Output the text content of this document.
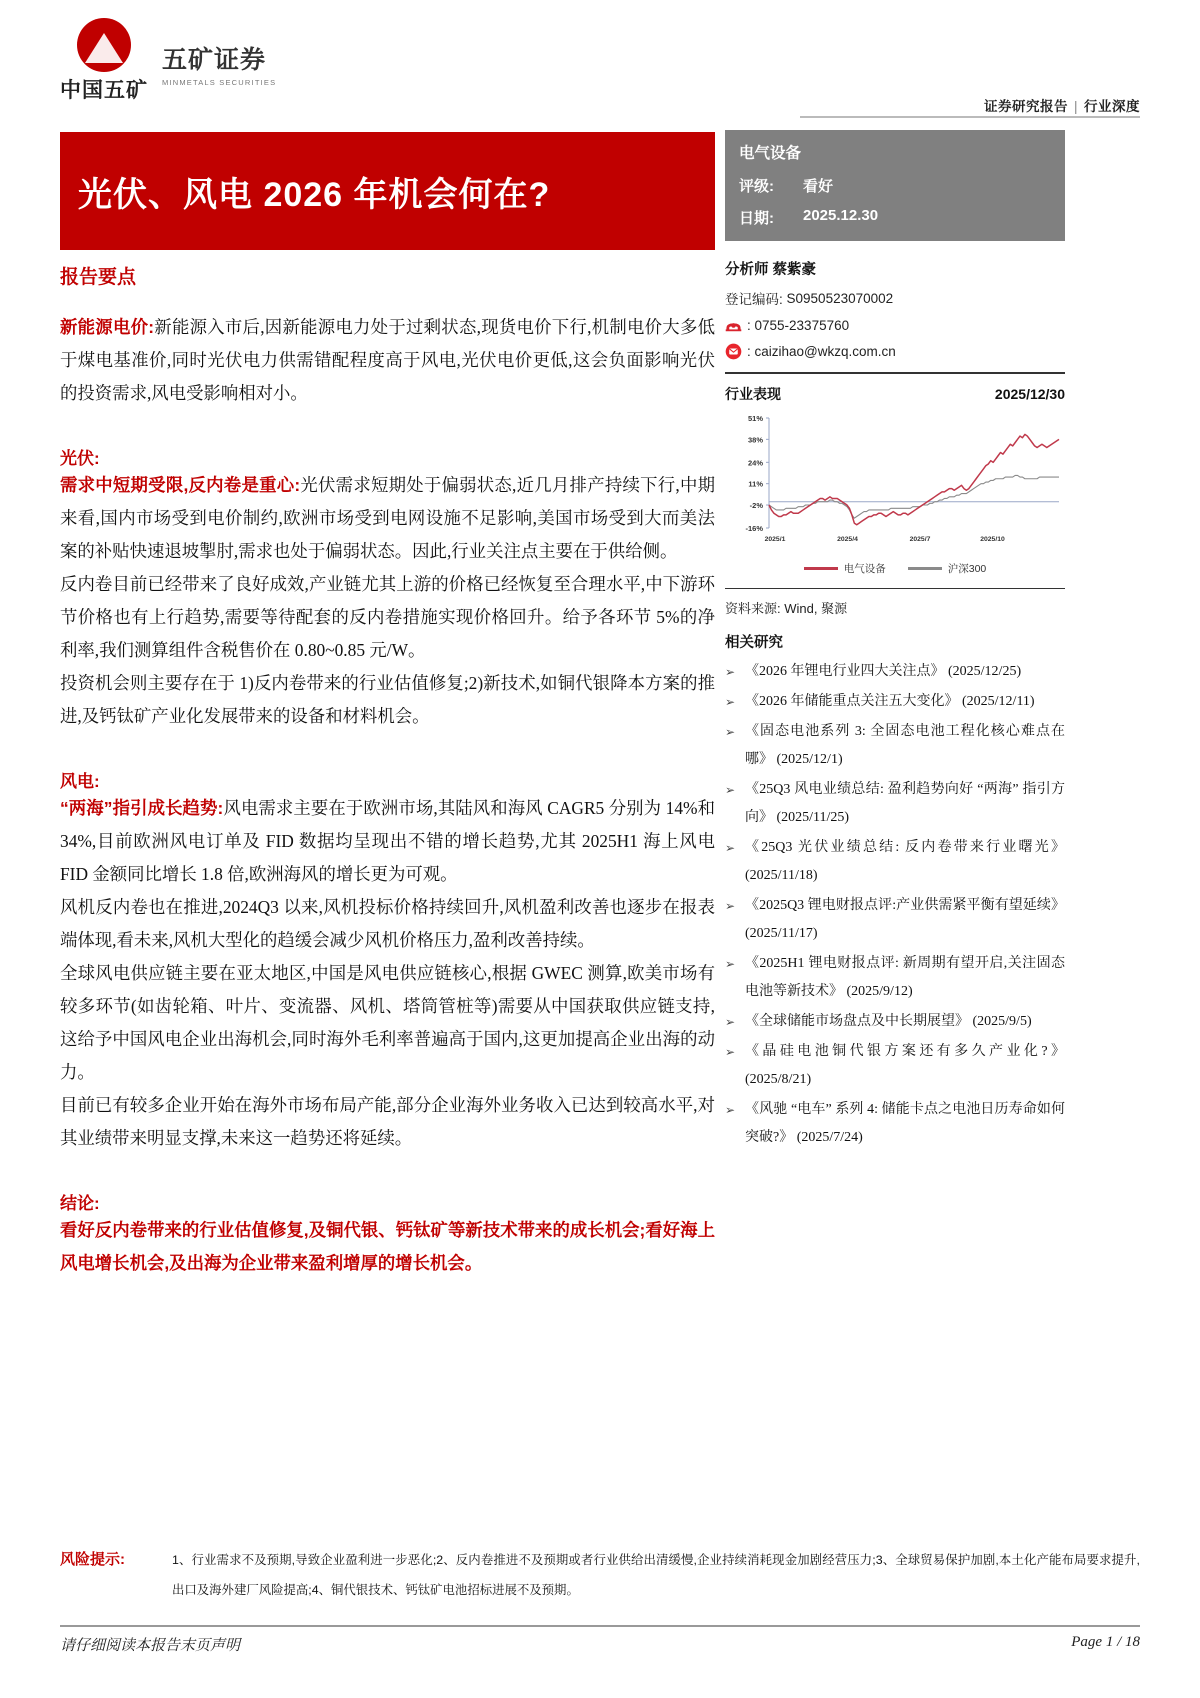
中国五矿
五矿证券
MINMETALS SECURITIES
证券研究报告 | 行业深度
光伏、风电 2026 年机会何在?
报告要点

新能源电价:新能源入市后,因新能源电力处于过剩状态,现货电价下行,机制电价大多低于煤电基准价,同时光伏电力供需错配程度高于风电,光伏电价更低,这会负面影响光伏的投资需求,风电受影响相对小。

光伏:

需求中短期受限,反内卷是重心:光伏需求短期处于偏弱状态,近几月排产持续下行,中期来看,国内市场受到电价制约,欧洲市场受到电网设施不足影响,美国市场受到大而美法案的补贴快速退坡掣肘,需求也处于偏弱状态。因此,行业关注点主要在于供给侧。

反内卷目前已经带来了良好成效,产业链尤其上游的价格已经恢复至合理水平,中下游环节价格也有上行趋势,需要等待配套的反内卷措施实现价格回升。给予各环节 5%的净利率,我们测算组件含税售价在 0.80~0.85 元/W。

投资机会则主要存在于 1)反内卷带来的行业估值修复;2)新技术,如铜代银降本方案的推进,及钙钛矿产业化发展带来的设备和材料机会。

风电:

“两海”指引成长趋势:风电需求主要在于欧洲市场,其陆风和海风 CAGR5 分别为 14%和 34%,目前欧洲风电订单及 FID 数据均呈现出不错的增长趋势,尤其 2025H1 海上风电 FID 金额同比增长 1.8 倍,欧洲海风的增长更为可观。

风机反内卷也在推进,2024Q3 以来,风机投标价格持续回升,风机盈利改善也逐步在报表端体现,看未来,风机大型化的趋缓会减少风机价格压力,盈利改善持续。

全球风电供应链主要在亚太地区,中国是风电供应链核心,根据 GWEC 测算,欧美市场有较多环节(如齿轮箱、叶片、变流器、风机、塔筒管桩等)需要从中国获取供应链支持,这给予中国风电企业出海机会,同时海外毛利率普遍高于国内,这更加提高企业出海的动力。

目前已有较多企业开始在海外市场布局产能,部分企业海外业务收入已达到较高水平,对其业绩带来明显支撑,未来这一趋势还将延续。

结论:

看好反内卷带来的行业估值修复,及铜代银、钙钛矿等新技术带来的成长机会;看好海上风电增长机会,及出海为企业带来盈利增厚的增长机会。

电气设备
评级:	看好
日期:	2025.12.30
分析师 蔡紫豪
登记编码:
S0950523070002
: 0755-23375760
: caizihao@wkzq.com.cn
行业表现	2025/12/30
51%
38%
24%
11%
-2%
-16%
2025/1	2025/4	2025/7	2025/10
电气设备	沪深300
资料来源: Wind, 聚源
相关研究
➢ 《2026 年锂电行业四大关注点》 (2025/12/25)
➢ 《2026 年储能重点关注五大变化》 (2025/12/11)
➢ 《固态电池系列 3: 全固态电池工程化核心难点在哪》 (2025/12/1)
➢ 《25Q3 风电业绩总结: 盈利趋势向好 “两海” 指引方向》 (2025/11/25)
➢ 《25Q3 光伏业绩总结: 反内卷带来行业曙光》 (2025/11/18)
➢ 《2025Q3 锂电财报点评:产业供需紧平衡有望延续》 (2025/11/17)
➢ 《2025H1 锂电财报点评: 新周期有望开启,关注固态电池等新技术》 (2025/9/12)
➢ 《全球储能市场盘点及中长期展望》 (2025/9/5)
➢ 《晶硅电池铜代银方案还有多久产业化?》 (2025/8/21)
➢ 《风驰 “电车” 系列 4: 储能卡点之电池日历寿命如何突破?》 (2025/7/24)
风险提示:	1、行业需求不及预期,导致企业盈利进一步恶化;2、反内卷推进不及预期或者行业供给出清缓慢,企业持续消耗现金加剧经营压力;3、全球贸易保护加剧,本土化产能布局要求提升,出口及海外建厂风险提高;4、铜代银技术、钙钛矿电池招标进展不及预期。
请仔细阅读本报告末页声明	Page 1 / 18
